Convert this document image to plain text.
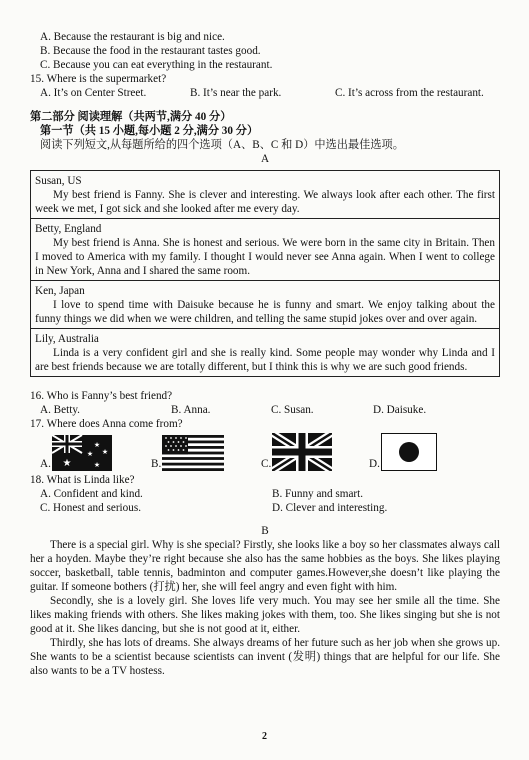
A. Because the restaurant is big and nice.
B. Because the food in the restaurant tastes good.
C. Because you can eat everything in the restaurant.
15. Where is the supermarket?
A. It’s on Center Street.	B. It’s near the park.	C. It’s across from the restaurant.
第二部分 阅读理解（共两节,满分 40 分）
第一节（共 15 小题,每小题 2 分,满分 30 分）
阅读下列短文,从每题所给的四个选项（A、B、C 和 D）中选出最佳选项。
A
Susan, US

My best friend is Fanny. She is clever and interesting. We always look after each other. The first week we met, I got sick and she looked after me every day.

Betty, England

My best friend is Anna. She is honest and serious. We were born in the same city in Britain. Then I moved to America with my family. I thought I would never see Anna again. When I went to college in New York, Anna and I shared the same room.

Ken, Japan

I love to spend time with Daisuke because he is funny and smart. We enjoy talking about the funny things we did when we were children, and telling the same stupid jokes over and over again.

Lily, Australia

Linda is a very confident girl and she is really kind. Some people may wonder why Linda and I are best friends because we are totally different, but I think this is why we are such good friends.

16. Who is Fanny’s best friend?
A. Betty.	B. Anna.	C. Susan.	D. Daisuke.
17. Where does Anna come from?
A. ★
★
★ ★
★	B.	C.	D.
18. What is Linda like?
A. Confident and kind.	B. Funny and smart.
C. Honest and serious.	D. Clever and interesting.
B

There is a special girl. Why is she special? Firstly, she looks like a boy so her classmates always call her a hoyden. Maybe they’re right because she also has the same hobbies as the boys. She likes playing soccer, basketball, table tennis, badminton and computer games.However,she doesn’t like playing the guitar. If someone bothers (打扰) her, she will feel angry and even fight with him.

Secondly, she is a lovely girl. She loves life very much. You may see her smile all the time. She likes making friends with others. She likes making jokes with them, too. She likes singing but she is not good at it. She likes dancing, but she is not good at it, either.

Thirdly, she has lots of dreams. She always dreams of her future such as her job when she grows up. She wants to be a scientist because scientists can invent (发明) things that are helpful for our life. She also wants to be a TV hostess.

2
